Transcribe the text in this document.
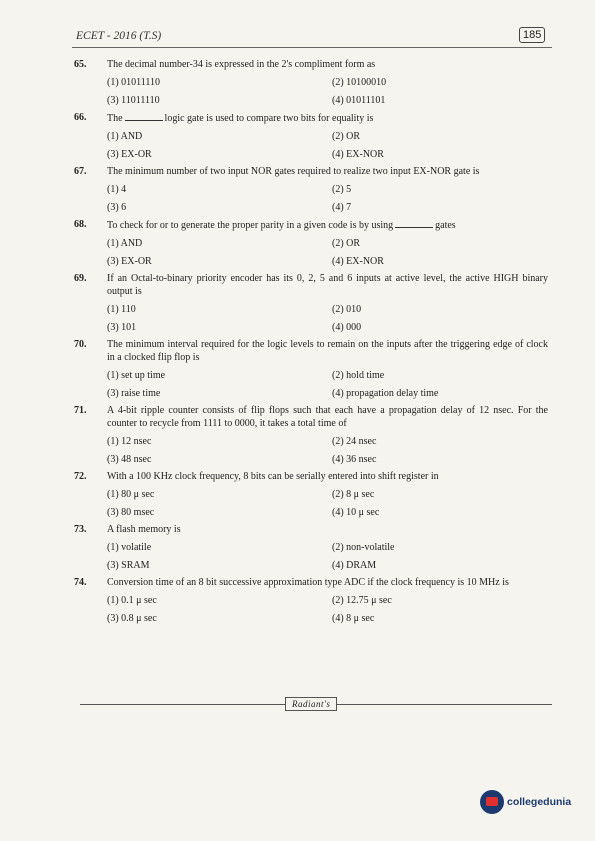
ECET - 2016 (T.S)	185
65.	The decimal number-34 is expressed in the 2's compliment form as
(1) 01011110	(2) 10100010
(3) 11011110	(4) 01011101
66.	The	logic gate is used to compare two bits for equality is
(1) AND	(2) OR
(3) EX-OR	(4) EX-NOR
67.	The minimum number of two input NOR gates required to realize two input EX-NOR gate is
(1) 4	(2) 5
(3) 6	(4) 7
68.	To check for or to generate the proper parity in a given code is by using	gates
(1) AND	(2) OR
(3) EX-OR	(4) EX-NOR
69.	If an Octal-to-binary priority encoder has its 0, 2, 5 and 6 inputs at active level, the active HIGH binary output is
(1) 110	(2) 010
(3) 101	(4) 000
70.	The minimum interval required for the logic levels to remain on the inputs after the triggering edge of clock in a clocked flip flop is
(1) set up time	(2) hold time
(3) raise time	(4) propagation delay time
71.	A 4-bit ripple counter consists of flip flops such that each have a propagation delay of 12 nsec. For the counter to recycle from 1111 to 0000, it takes a total time of
(1) 12 nsec	(2) 24 nsec
(3) 48 nsec	(4) 36 nsec
72.	With a 100 KHz clock frequency, 8 bits can be serially entered into shift register in
(1) 80 μ sec	(2) 8 μ sec
(3) 80 msec	(4) 10 μ sec
73.	A flash memory is
(1) volatile	(2) non-volatile
(3) SRAM	(4) DRAM
74.	Conversion time of an 8 bit successive approximation type ADC if the clock frequency is 10 MHz is
(1) 0.1 μ sec	(2) 12.75 μ sec
(3) 0.8 μ sec	(4) 8 μ sec
Radiant's
collegedunia
